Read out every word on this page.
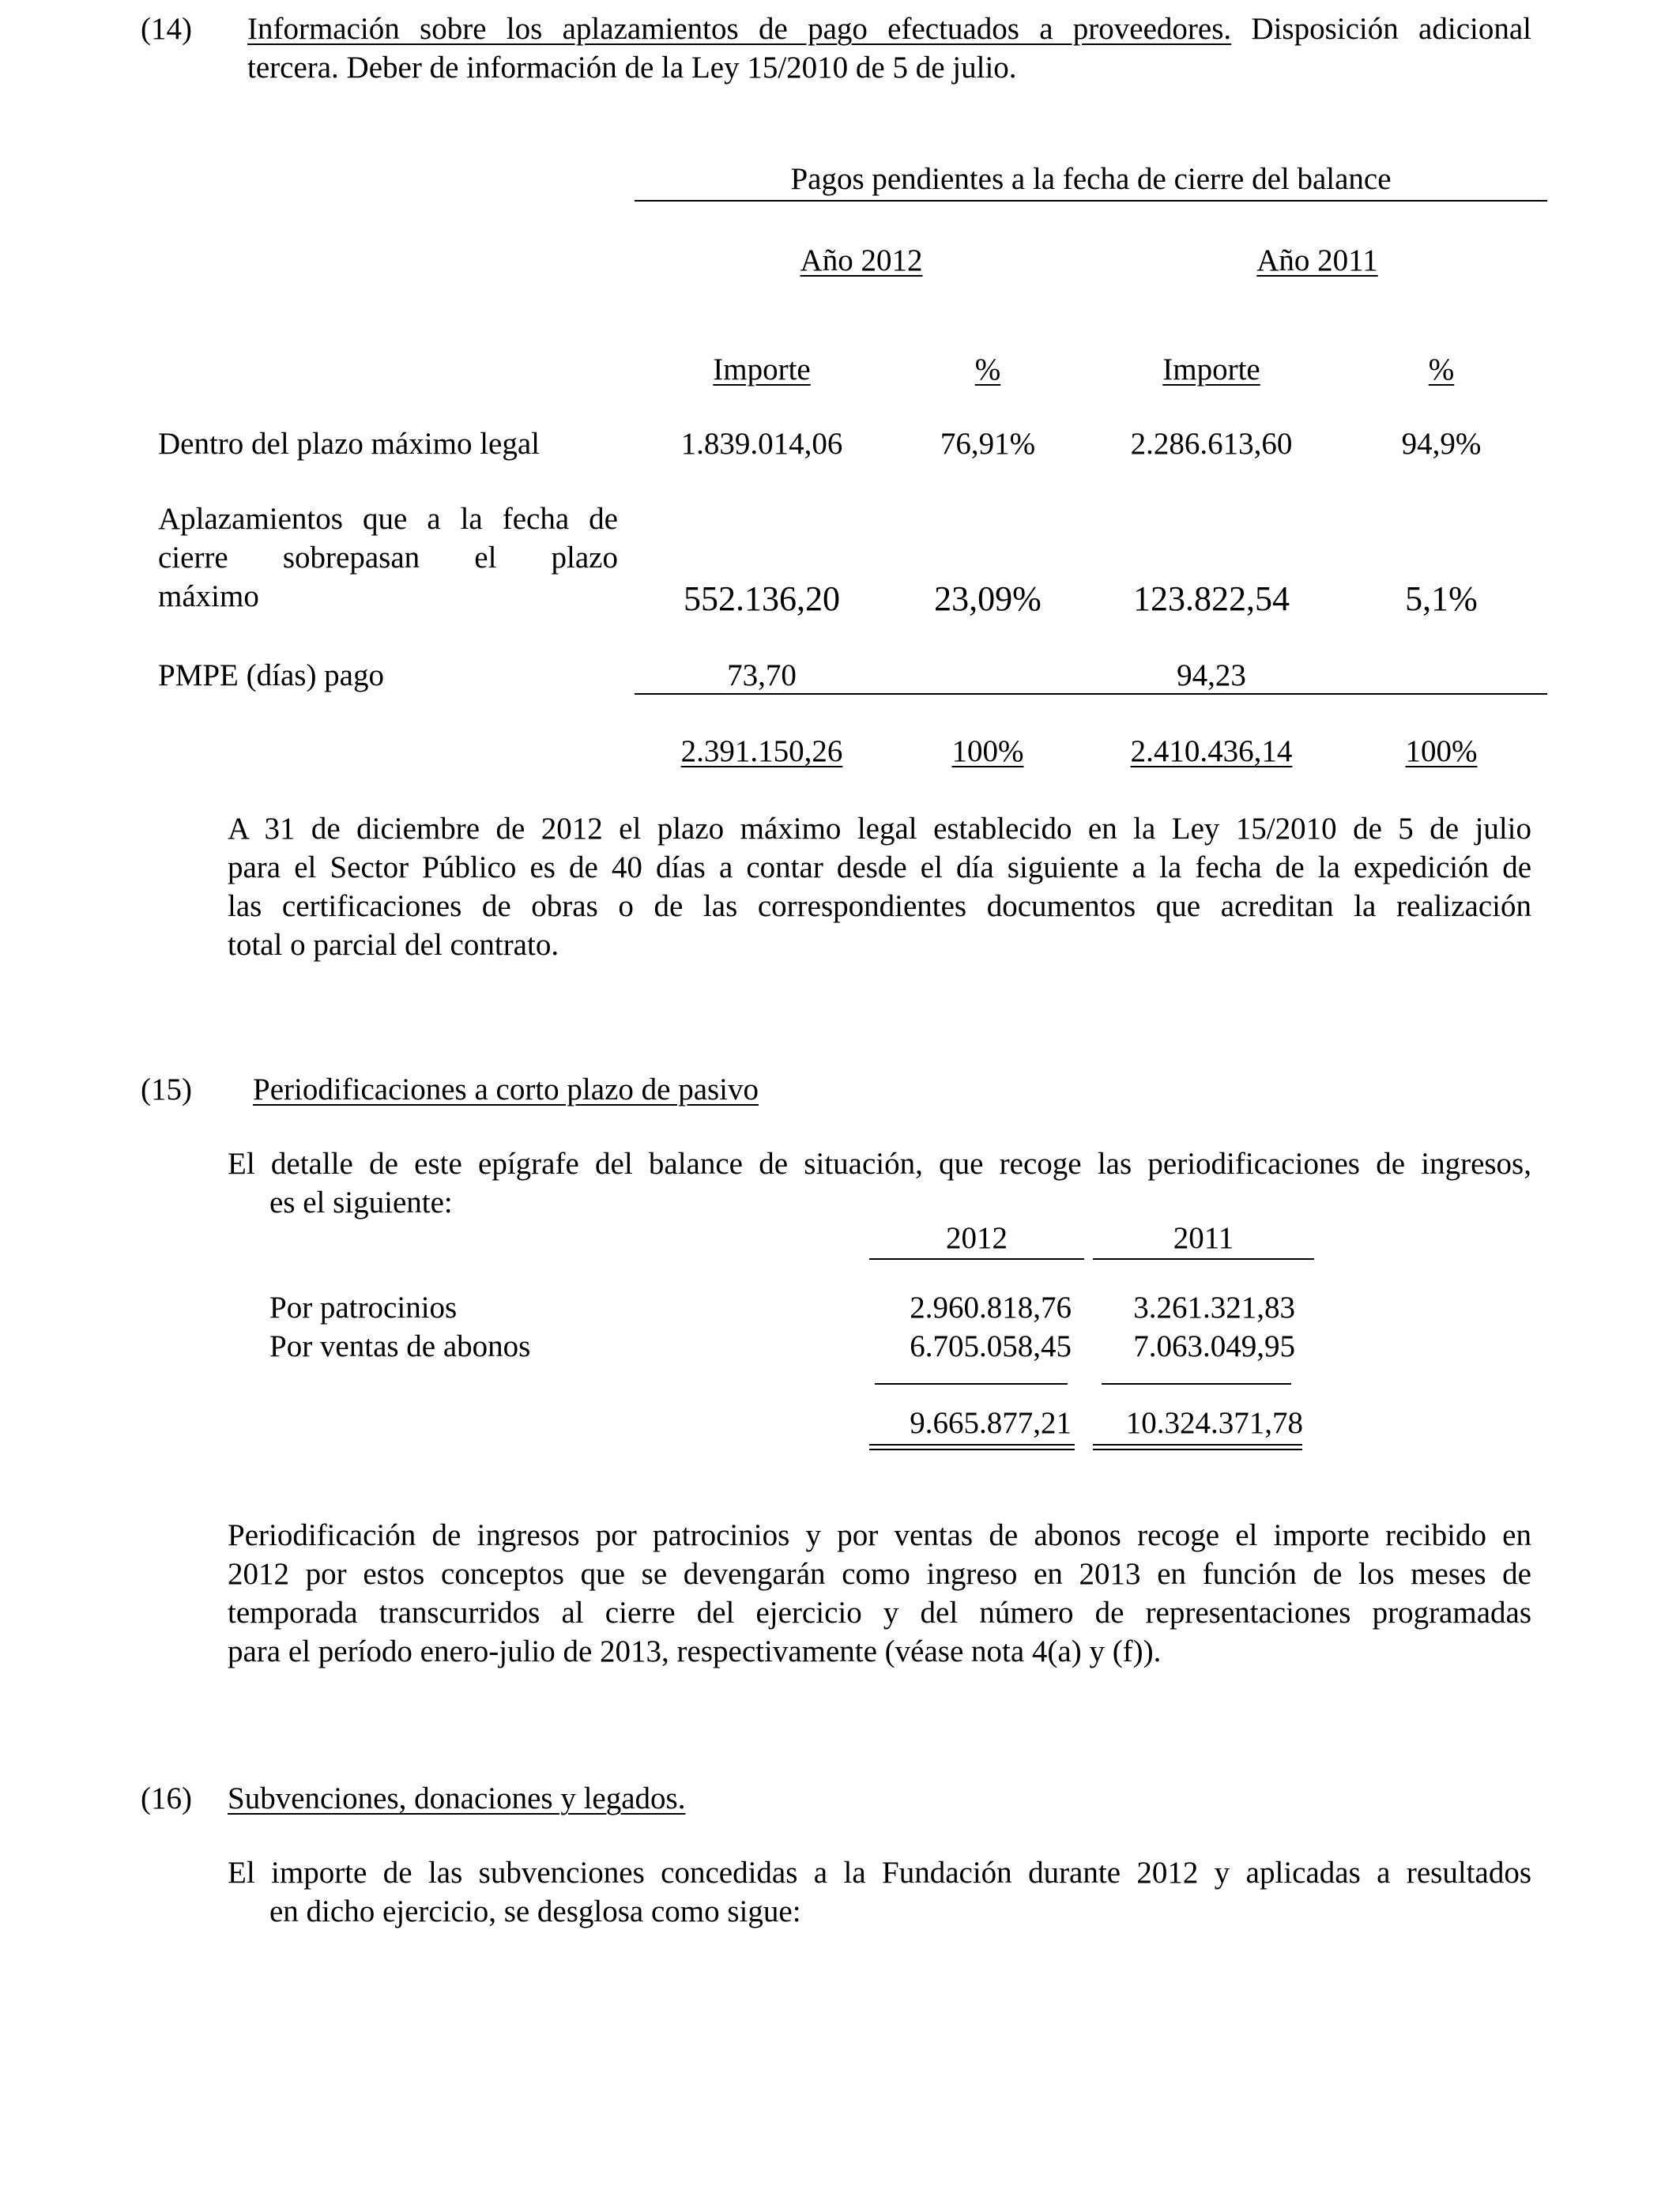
(14) Información sobre los aplazamientos de pago efectuados a proveedores. Disposición adicional
tercera. Deber de información de la Ley 15/2010 de 5 de julio.
Pagos pendientes a la fecha de cierre del balance
Año 2012	Año 2011
Importe	%	Importe	%
Dentro del plazo máximo legal	1.839.014,06	76,91%	2.286.613,60	94,9%
Aplazamientos que a la fecha de
cierre sobrepasan el plazo
máximo	552.136,20	23,09%	123.822,54	5,1%
PMPE (días) pago	73,70	94,23
2.391.150,26	100%	2.410.436,14	100%
A 31 de diciembre de 2012 el plazo máximo legal establecido en la Ley 15/2010 de 5 de julio
para el Sector Público es de 40 días a contar desde el día siguiente a la fecha de la expedición de
las certificaciones de obras o de las correspondientes documentos que acreditan la realización
total o parcial del contrato.
(15) Periodificaciones a corto plazo de pasivo
El detalle de este epígrafe del balance de situación, que recoge las periodificaciones de ingresos,
es el siguiente:
2012	2011
Por patrocinios	2.960.818,76	3.261.321,83
Por ventas de abonos	6.705.058,45	7.063.049,95
9.665.877,21	10.324.371,78
Periodificación de ingresos por patrocinios y por ventas de abonos recoge el importe recibido en
2012 por estos conceptos que se devengarán como ingreso en 2013 en función de los meses de
temporada transcurridos al cierre del ejercicio y del número de representaciones programadas
para el período enero-julio de 2013, respectivamente (véase nota 4(a) y (f)).
(16) Subvenciones, donaciones y legados.
El importe de las subvenciones concedidas a la Fundación durante 2012 y aplicadas a resultados
en dicho ejercicio, se desglosa como sigue:
